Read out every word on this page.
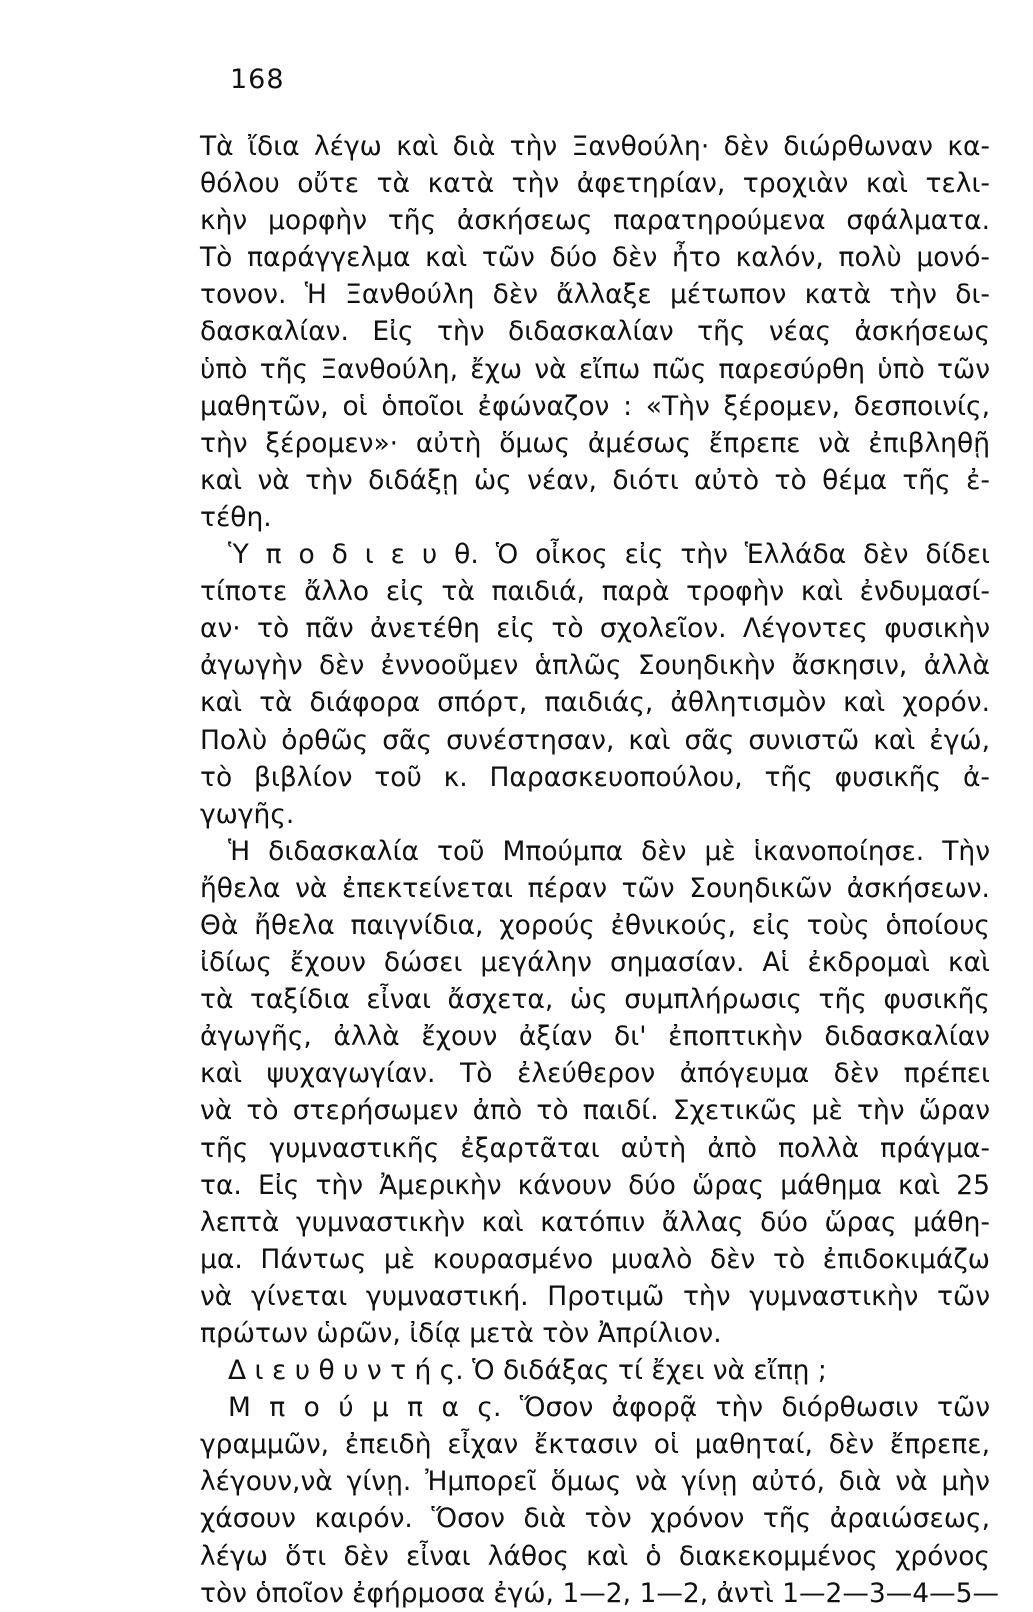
168
Τὰ ἴδια λέγω καὶ διὰ τὴν Ξανθούλη· δὲν διώρθωναν κα-
θόλου οὔτε τὰ κατὰ τὴν ἀφετηρίαν, τροχιὰν καὶ τελι-
κὴν μορφὴν τῆς ἀσκήσεως παρατηρούμενα σφάλματα.
Τὸ παράγγελμα καὶ τῶν δύο δὲν ἦτο καλόν, πολὺ μονό-
τονον. Ἡ Ξανθούλη δὲν ἄλλαξε μέτωπον κατὰ τὴν δι-
δασκαλίαν. Εἰς τὴν διδασκαλίαν τῆς νέας ἀσκήσεως
ὑπὸ τῆς Ξανθούλη, ἔχω νὰ εἴπω πῶς παρεσύρθη ὑπὸ τῶν
μαθητῶν, οἱ ὁποῖοι ἐφώναζον : «Τὴν ξέρομεν, δεσποινίς,
τὴν ξέρομεν»· αὐτὴ ὅμως ἀμέσως ἔπρεπε νὰ ἐπιβληθῇ
καὶ νὰ τὴν διδάξῃ ὡς νέαν, διότι αὐτὸ τὸ θέμα τῆς ἐ-
τέθη.
Ὑ π ο δ ι ε υ θ. Ὁ οἶκος εἰς τὴν Ἑλλάδα δὲν δίδει
τίποτε ἄλλο εἰς τὰ παιδιά, παρὰ τροφὴν καὶ ἐνδυμασί-
αν· τὸ πᾶν ἀνετέθη εἰς τὸ σχολεῖον. Λέγοντες φυσικὴν
ἀγωγὴν δὲν ἐννοοῦμεν ἁπλῶς Σουηδικὴν ἄσκησιν, ἀλλὰ
καὶ τὰ διάφορα σπόρτ, παιδιάς, ἀθλητισμὸν καὶ χορόν.
Πολὺ ὀρθῶς σᾶς συνέστησαν, καὶ σᾶς συνιστῶ καὶ ἐγώ,
τὸ βιβλίον τοῦ κ. Παρασκευοπούλου, τῆς φυσικῆς ἀ-
γωγῆς.
Ἡ διδασκαλία τοῦ Μπούμπα δὲν μὲ ἱκανοποίησε. Τὴν
ἤθελα νὰ ἐπεκτείνεται πέραν τῶν Σουηδικῶν ἀσκήσεων.
Θὰ ἤθελα παιγνίδια, χορούς ἐθνικούς, εἰς τοὺς ὁποίους
ἰδίως ἔχουν δώσει μεγάλην σημασίαν. Αἱ ἐκδρομαὶ καὶ
τὰ ταξίδια εἶναι ἄσχετα, ὡς συμπλήρωσις τῆς φυσικῆς
ἀγωγῆς, ἀλλὰ ἔχουν ἀξίαν δι' ἐποπτικὴν διδασκαλίαν
καὶ ψυχαγωγίαν. Τὸ ἐλεύθερον ἀπόγευμα δὲν πρέπει
νὰ τὸ στερήσωμεν ἀπὸ τὸ παιδί. Σχετικῶς μὲ τὴν ὥραν
τῆς γυμναστικῆς ἐξαρτᾶται αὐτὴ ἀπὸ πολλὰ πράγμα-
τα. Εἰς τὴν Ἀμερικὴν κάνουν δύο ὥρας μάθημα καὶ 25
λεπτὰ γυμναστικὴν καὶ κατόπιν ἄλλας δύο ὥρας μάθη-
μα. Πάντως μὲ κουρασμένο μυαλὸ δὲν τὸ ἐπιδοκιμάζω
νὰ γίνεται γυμναστική. Προτιμῶ τὴν γυμναστικὴν τῶν
πρώτων ὡρῶν, ἰδίᾳ μετὰ τὸν Ἀπρίλιον.
Δ ι ε υ θ υ ν τ ή ς. Ὁ διδάξας τί ἔχει νὰ εἴπῃ ;
Μ π ο ύ μ π α ς. Ὅσον ἀφορᾷ τὴν διόρθωσιν τῶν
γραμμῶν, ἐπειδὴ εἶχαν ἔκτασιν οἱ μαθηταί, δὲν ἔπρεπε,
λέγουν,νὰ γίνῃ. Ἠμπορεῖ ὅμως νὰ γίνῃ αὐτό, διὰ νὰ μὴν
χάσουν καιρόν. Ὅσον διὰ τὸν χρόνον τῆς ἀραιώσεως,
λέγω ὅτι δὲν εἶναι λάθος καὶ ὁ διακεκομμένος χρόνος
τὸν ὁποῖον ἐφήρμοσα ἐγώ, 1—2, 1—2, ἀντὶ 1—2—3—4—5—
